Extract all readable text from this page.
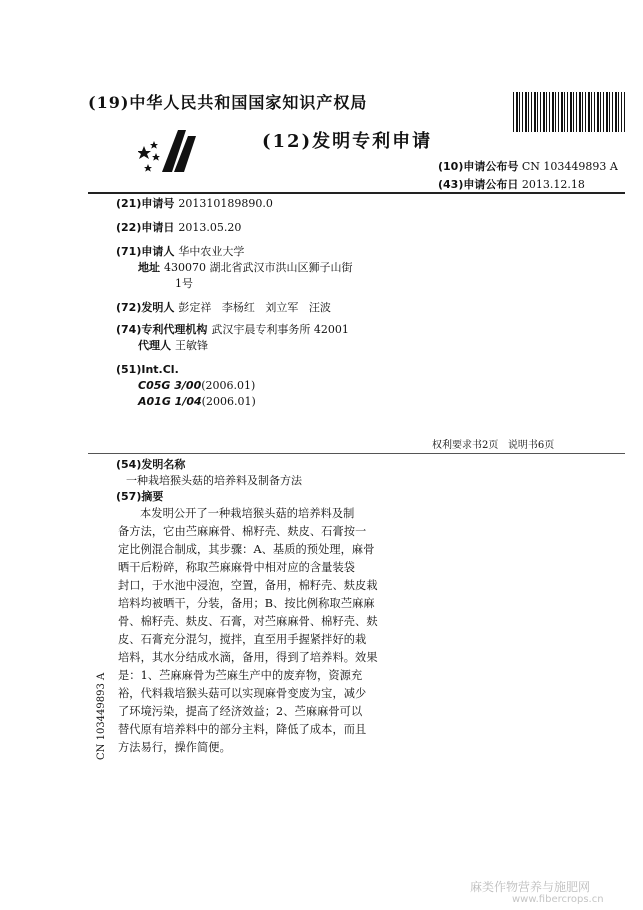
(19)中华人民共和国国家知识产权局
(12)发明专利申请
(10)申请公布号 CN 103449893 A
(43)申请公布日 2013.12.18
(21)申请号 201310189890.0
(22)申请日 2013.05.20
(71)申请人 华中农业大学
地址 430070 湖北省武汉市洪山区狮子山街
1号
(72)发明人 彭定祥   李杨红   刘立军   汪波
(74)专利代理机构 武汉宇晨专利事务所 42001
代理人 王敏锋
(51)Int.Cl.
C05G 3/00(2006.01)
A01G 1/04(2006.01)
权利要求书2页   说明书6页
(54)发明名称
一种栽培猴头菇的培养料及制备方法
(57)摘要
本发明公开了一种栽培猴头菇的培养料及制
备方法，它由苎麻麻骨、棉籽壳、麸皮、石膏按一
定比例混合制成，其步骤：A、基质的预处理，麻骨
晒干后粉碎，称取苎麻麻骨中相对应的含量装袋
封口，于水池中浸泡，空置，备用，棉籽壳、麸皮栽
培料均被晒干，分装，备用；B、按比例称取苎麻麻
骨、棉籽壳、麸皮、石膏，对苎麻麻骨、棉籽壳、麸
皮、石膏充分混匀，搅拌，直至用手握紧拌好的栽
培料，其水分结成水滴，备用，得到了培养料。效果
是：1、苎麻麻骨为苎麻生产中的废弃物，资源充
裕，代料栽培猴头菇可以实现麻骨变废为宝，减少
了环境污染，提高了经济效益；2、苎麻麻骨可以
替代原有培养料中的部分主料，降低了成本，而且
方法易行，操作简便。
CN 103449893 A
麻类作物营养与施肥网
www.fibercrops.cn
